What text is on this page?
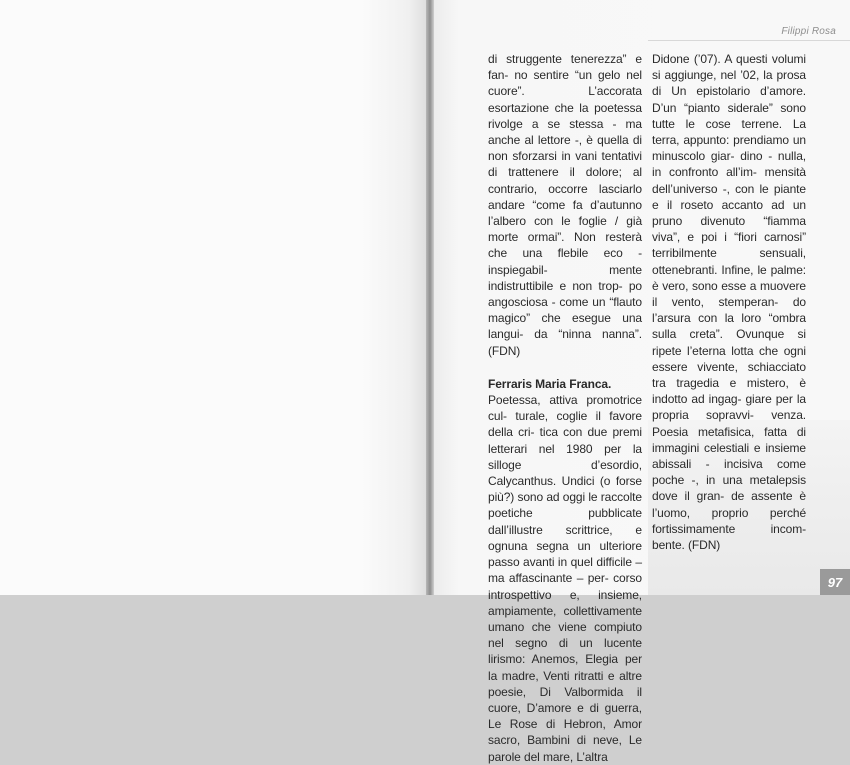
Filippi Rosa

di struggente tenerezza” e fan- no sentire “un gelo nel cuore”.	L’accorata esortazione che la poetessa rivolge a se stessa - ma anche al lettore -, è quella di non sforzarsi in vani tentativi di trattenere il dolore; al contrario, occorre lasciarlo andare “come fa d’autunno l’albero con le foglie / già morte ormai”. Non resterà che una flebile eco - inspiegabil-	mente indistruttibile e non trop- po angosciosa - come un “flauto magico” che esegue una langui- da “ninna nanna”. (FDN)

Ferraris Maria Franca.

Poetessa, attiva promotrice cul- turale, coglie il favore della cri- tica con due premi letterari nel 1980 per la silloge d’esordio, Calycanthus. Undici (o forse più?) sono ad oggi le raccolte poetiche pubblicate dall’illustre scrittrice, e ognuna segna un ulteriore passo avanti in quel difficile – ma affascinante – per- corso introspettivo e, insieme, ampiamente, collettivamente umano che viene compiuto nel segno di un lucente lirismo: Anemos, Elegia per la madre, Venti ritratti e altre poesie, Di Valbormida il cuore, D’amore e di guerra, Le Rose di Hebron, Amor sacro, Bambini di neve, Le parole del mare, L’altra

Didone (’07). A questi volumi si aggiunge, nel ’02, la prosa di Un epistolario d’amore. D’un “pianto siderale” sono tutte le cose terrene. La terra, appunto: prendiamo un minuscolo giar- dino - nulla, in confronto all’im- mensità dell’universo -, con le piante e il roseto accanto ad un pruno divenuto “fiamma viva”, e poi i “fiori carnosi” terribilmente	sensuali, ottenebranti. Infine, le palme: è vero, sono esse a muovere il vento, stemperan- do l’arsura con la loro “ombra sulla creta”. Ovunque si ripete l’eterna lotta che ogni essere vivente, schiacciato tra tragedia e mistero, è indotto ad ingag- giare per la propria sopravvi- venza. Poesia metafisica, fatta di immagini celestiali e insieme abissali - incisiva come poche -, in una metalepsis dove il gran- de assente è l’uomo, proprio perché fortissimamente incom- bente. (FDN)

97
